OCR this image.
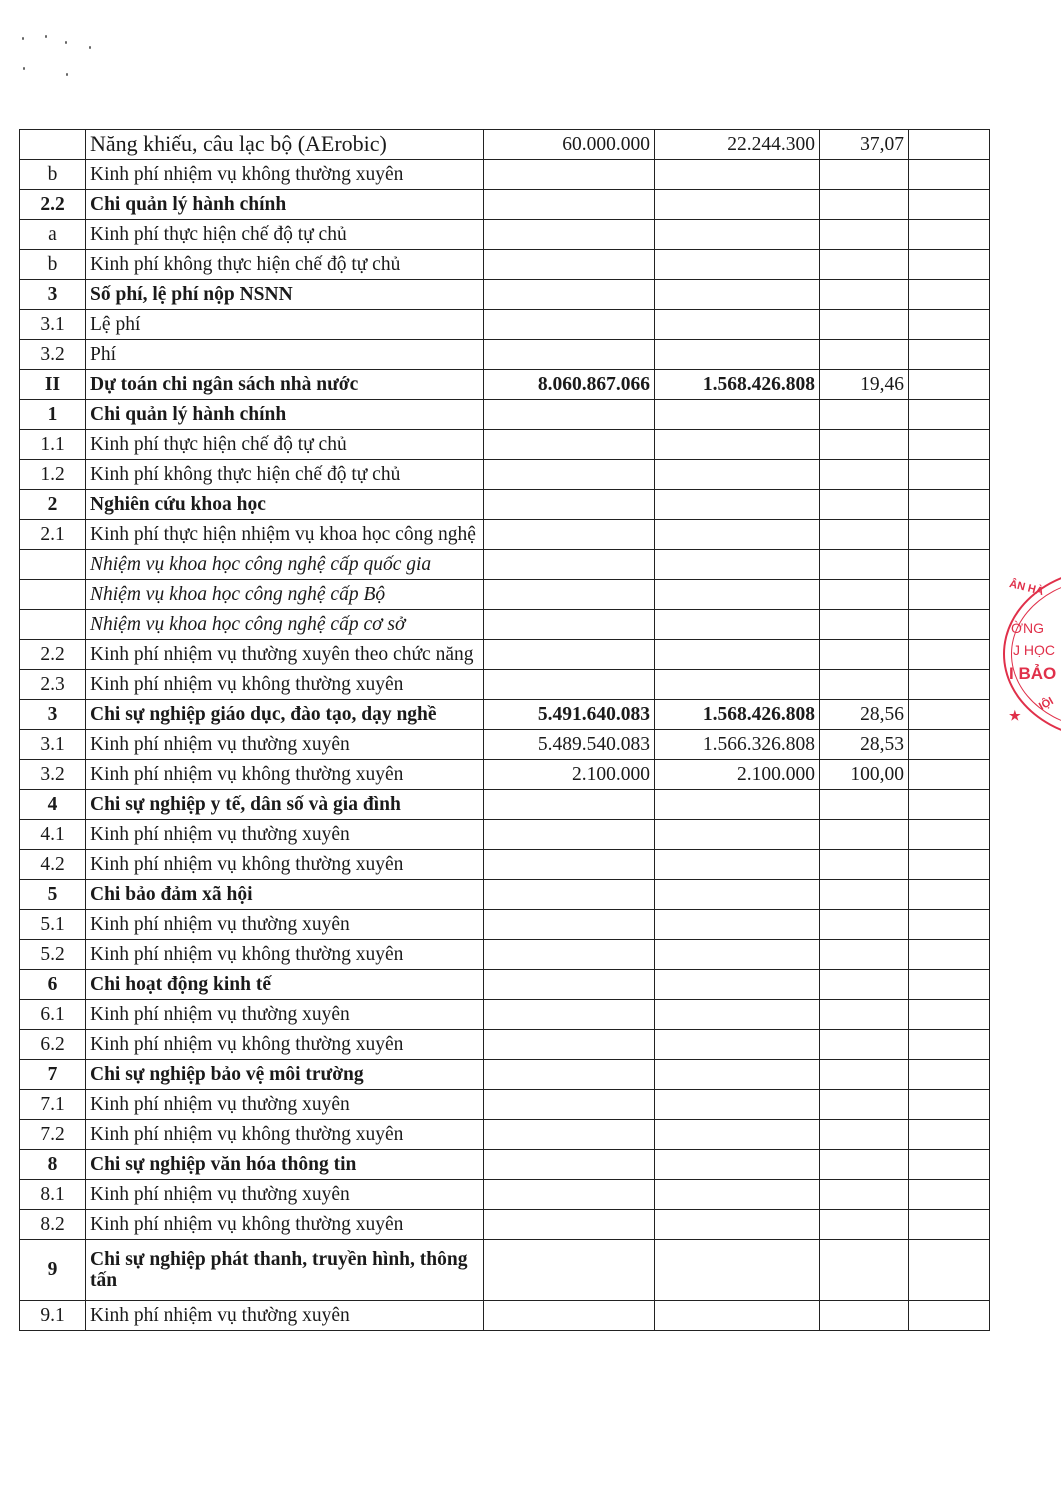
	Năng khiếu, câu lạc bộ (AErobic)	60.000.000	22.244.300	37,07	
b	Kinh phí nhiệm vụ không thường xuyên				
2.2	Chi quản lý hành chính				
a	Kinh phí thực hiện chế độ tự chủ				
b	Kinh phí không thực hiện chế độ tự chủ				
3	Số phí, lệ phí nộp NSNN				
3.1	Lệ phí				
3.2	Phí				
II	Dự toán chi ngân sách nhà nước	8.060.867.066	1.568.426.808	19,46	
1	Chi quản lý hành chính				
1.1	Kinh phí thực hiện chế độ tự chủ				
1.2	Kinh phí không thực hiện chế độ tự chủ				
2	Nghiên cứu khoa học				
2.1	Kinh phí thực hiện nhiệm vụ khoa học công nghệ				
	Nhiệm vụ khoa học công nghệ cấp quốc gia				
	Nhiệm vụ khoa học công nghệ cấp Bộ				
	Nhiệm vụ khoa học công nghệ cấp cơ sở				
2.2	Kinh phí nhiệm vụ thường xuyên theo chức năng				
2.3	Kinh phí nhiệm vụ không thường xuyên				
3	Chi sự nghiệp giáo dục, đào tạo, dạy nghề	5.491.640.083	1.568.426.808	28,56	
3.1	Kinh phí nhiệm vụ thường xuyên	5.489.540.083	1.566.326.808	28,53	
3.2	Kinh phí nhiệm vụ không thường xuyên	2.100.000	2.100.000	100,00	
4	Chi sự nghiệp y tế, dân số và gia đình				
4.1	Kinh phí nhiệm vụ thường xuyên				
4.2	Kinh phí nhiệm vụ không thường xuyên				
5	Chi bảo đảm xã hội				
5.1	Kinh phí nhiệm vụ thường xuyên				
5.2	Kinh phí nhiệm vụ không thường xuyên				
6	Chi hoạt động kinh tế				
6.1	Kinh phí nhiệm vụ thường xuyên				
6.2	Kinh phí nhiệm vụ không thường xuyên				
7	Chi sự nghiệp bảo vệ môi trường				
7.1	Kinh phí nhiệm vụ thường xuyên				
7.2	Kinh phí nhiệm vụ không thường xuyên				
8	Chi sự nghiệp văn hóa thông tin				
8.1	Kinh phí nhiệm vụ thường xuyên				
8.2	Kinh phí nhiệm vụ không thường xuyên				
9	Chi sự nghiệp phát thanh, truyền hình, thông tấn				
9.1	Kinh phí nhiệm vụ thường xuyên				
ÂN HÀ
ỜNG
J HỌC
I BẢO
★
IỘI
